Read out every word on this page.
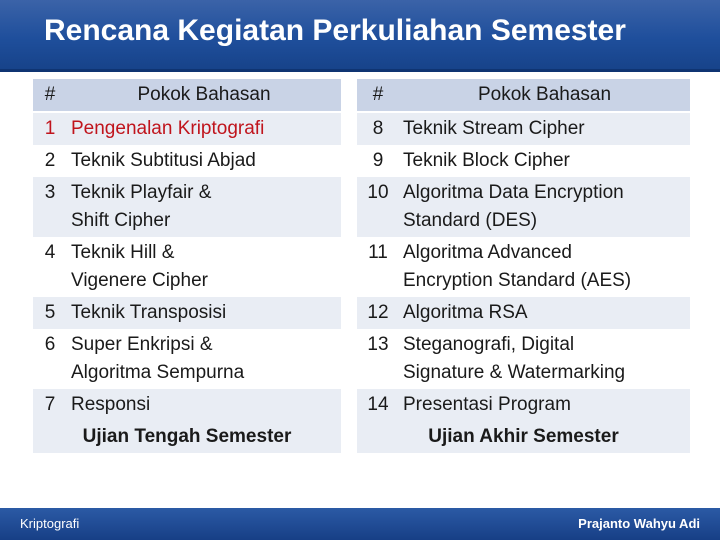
Rencana Kegiatan Perkuliahan Semester
#	Pokok Bahasan
1	Pengenalan Kriptografi
2	Teknik Subtitusi Abjad
3	Teknik Playfair &
Shift Cipher
4	Teknik Hill &
Vigenere Cipher
5	Teknik Transposisi
6	Super Enkripsi &
Algoritma Sempurna
7	Responsi
Ujian Tengah Semester	
#	Pokok Bahasan
8	Teknik Stream Cipher
9	Teknik Block Cipher
10	Algoritma Data Encryption
Standard (DES)
11	Algoritma Advanced
Encryption Standard (AES)
12	Algoritma RSA
13	Steganografi, Digital
Signature & Watermarking
14	Presentasi Program
Ujian Akhir Semester	
Kriptografi	Prajanto Wahyu Adi
